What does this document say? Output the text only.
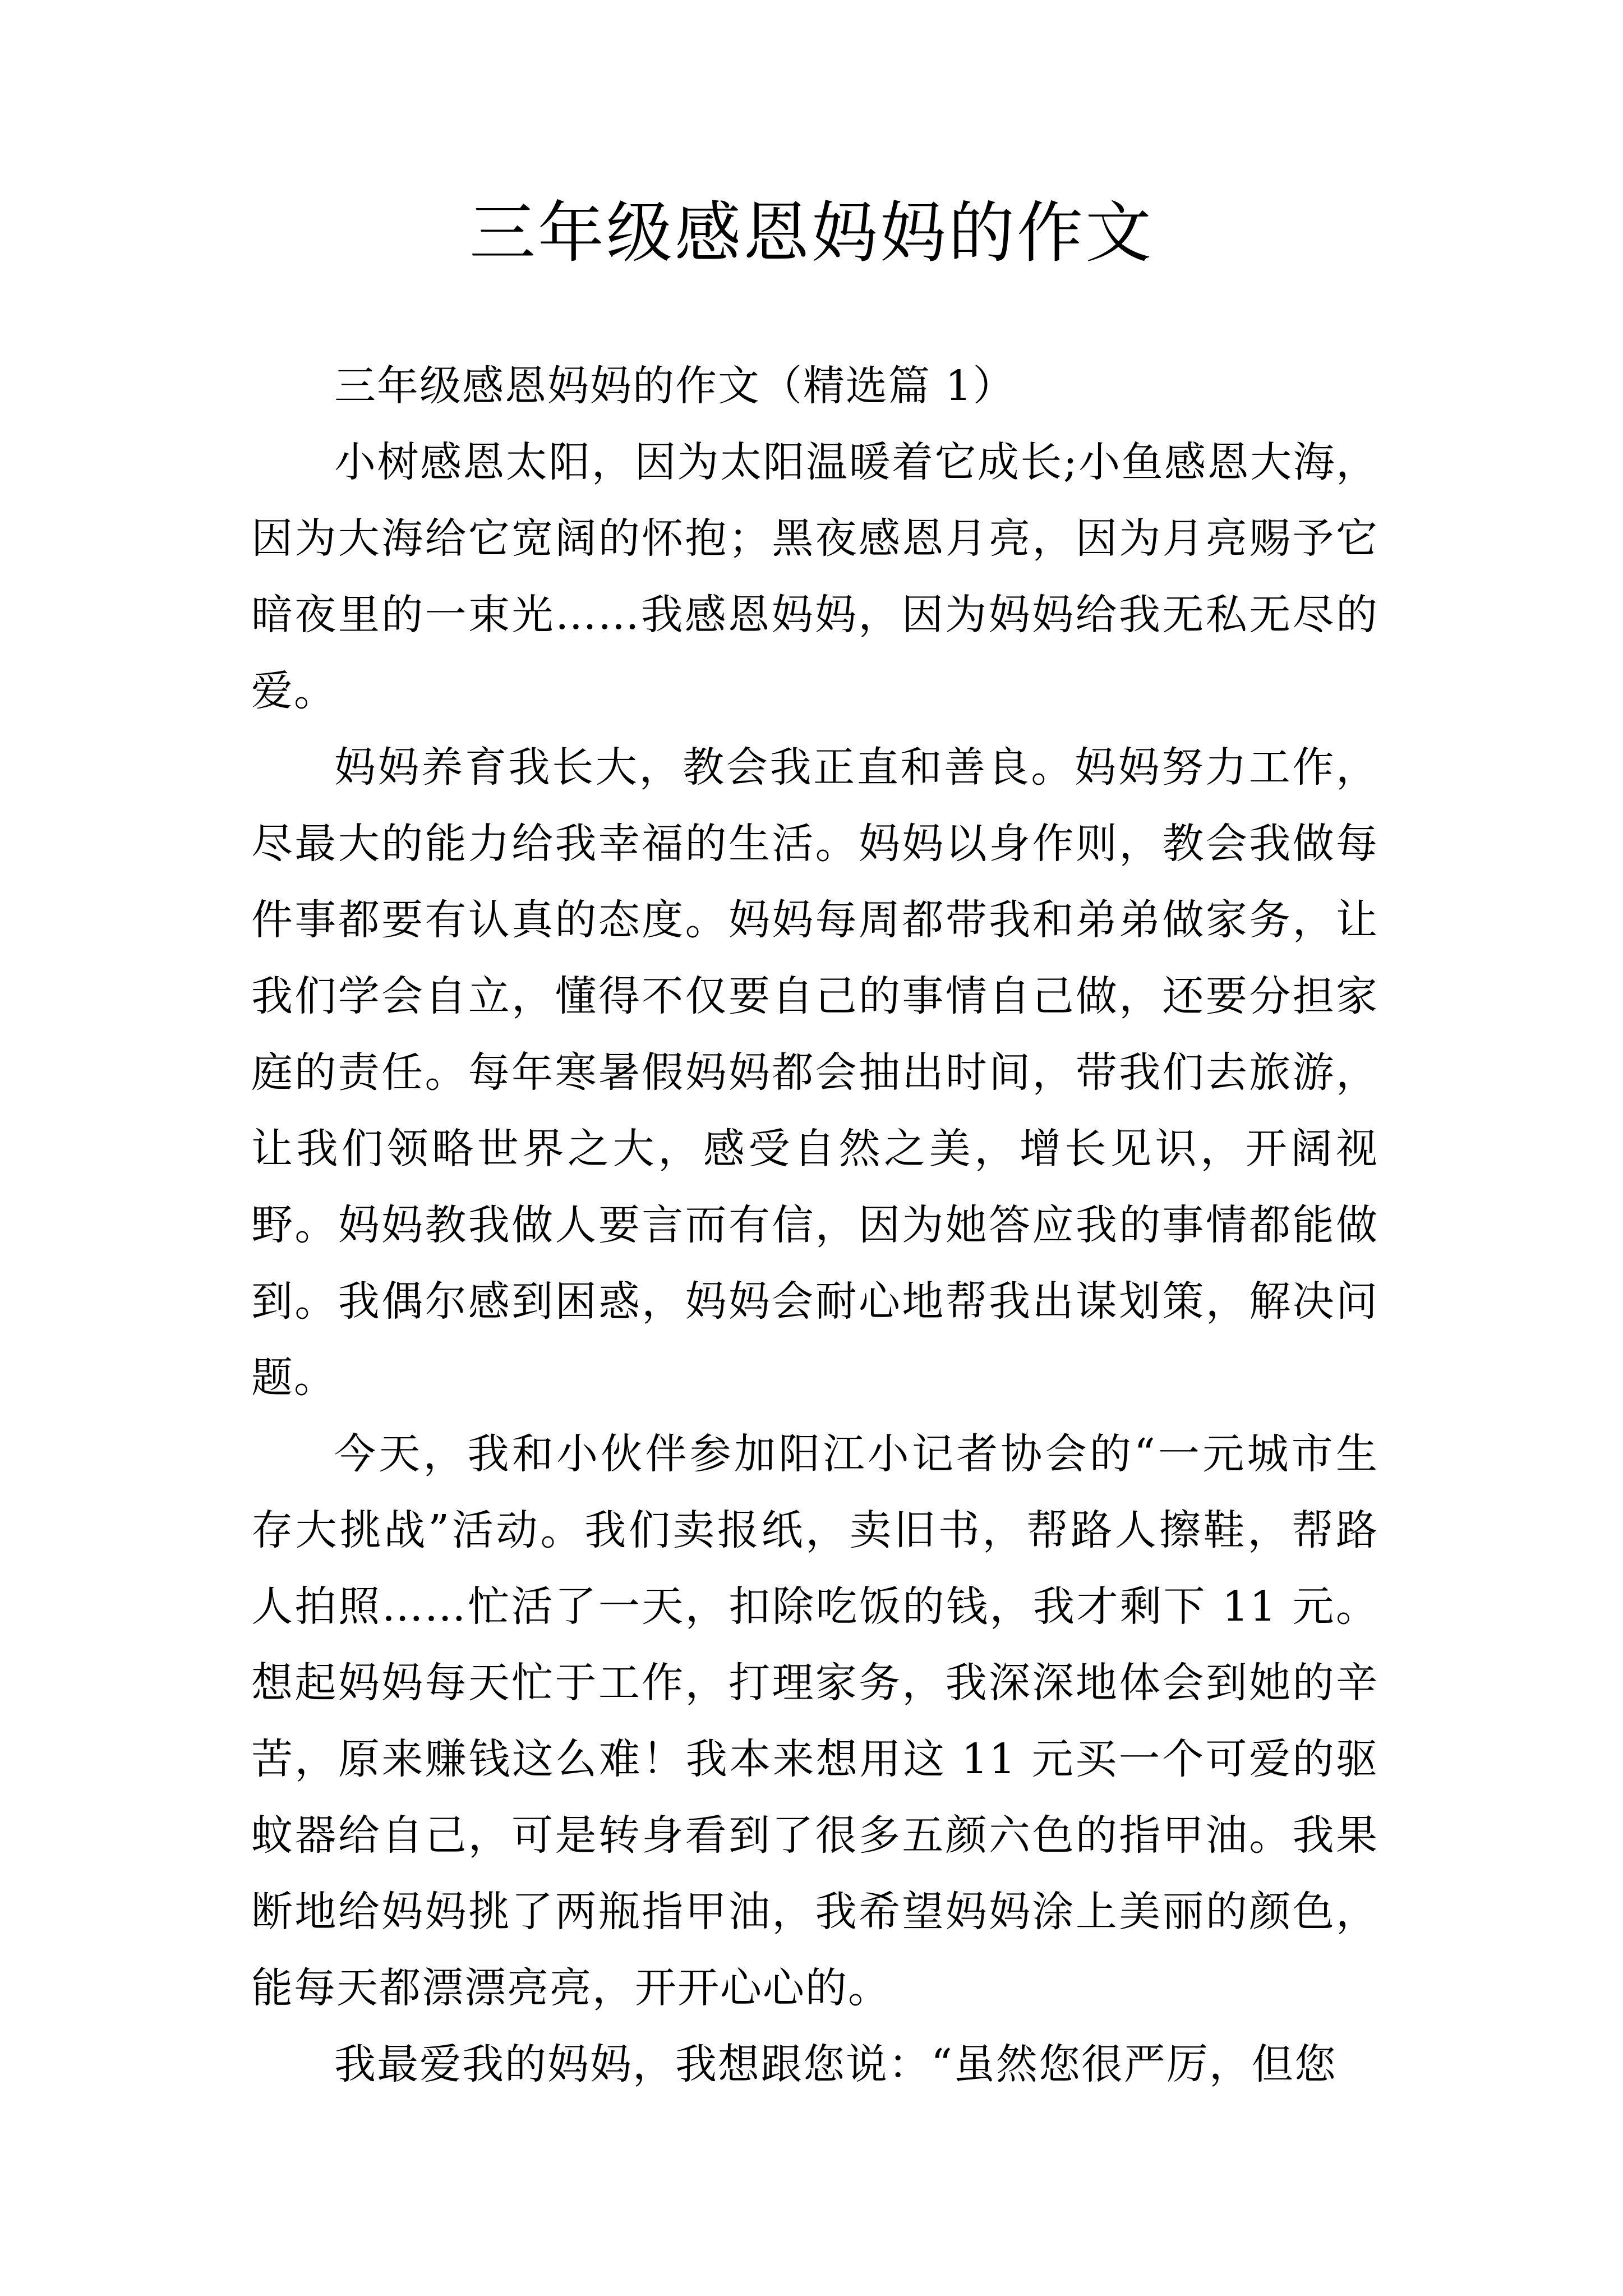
三年级感恩妈妈的作文

三年级感恩妈妈的作文（精选篇 1）

小树感恩太阳，因为太阳温暖着它成长;小鱼感恩大海，因为大海给它宽阔的怀抱；黑夜感恩月亮，因为月亮赐予它暗夜里的一束光……我感恩妈妈，因为妈妈给我无私无尽的爱。

妈妈养育我长大，教会我正直和善良。妈妈努力工作，尽最大的能力给我幸福的生活。妈妈以身作则，教会我做每件事都要有认真的态度。妈妈每周都带我和弟弟做家务，让我们学会自立，懂得不仅要自己的事情自己做，还要分担家庭的责任。每年寒暑假妈妈都会抽出时间，带我们去旅游，让我们领略世界之大，感受自然之美，增长见识，开阔视野。妈妈教我做人要言而有信，因为她答应我的事情都能做到。我偶尔感到困惑，妈妈会耐心地帮我出谋划策，解决问题。

今天，我和小伙伴参加阳江小记者协会的“一元城市生存大挑战”活动。我们卖报纸，卖旧书，帮路人擦鞋，帮路人拍照……忙活了一天，扣除吃饭的钱，我才剩下 11 元。想起妈妈每天忙于工作，打理家务，我深深地体会到她的辛苦，原来赚钱这么难！我本来想用这 11 元买一个可爱的驱蚊器给自己，可是转身看到了很多五颜六色的指甲油。我果断地给妈妈挑了两瓶指甲油，我希望妈妈涂上美丽的颜色，能每天都漂漂亮亮，开开心心的。

我最爱我的妈妈，我想跟您说：“虽然您很严厉，但您
